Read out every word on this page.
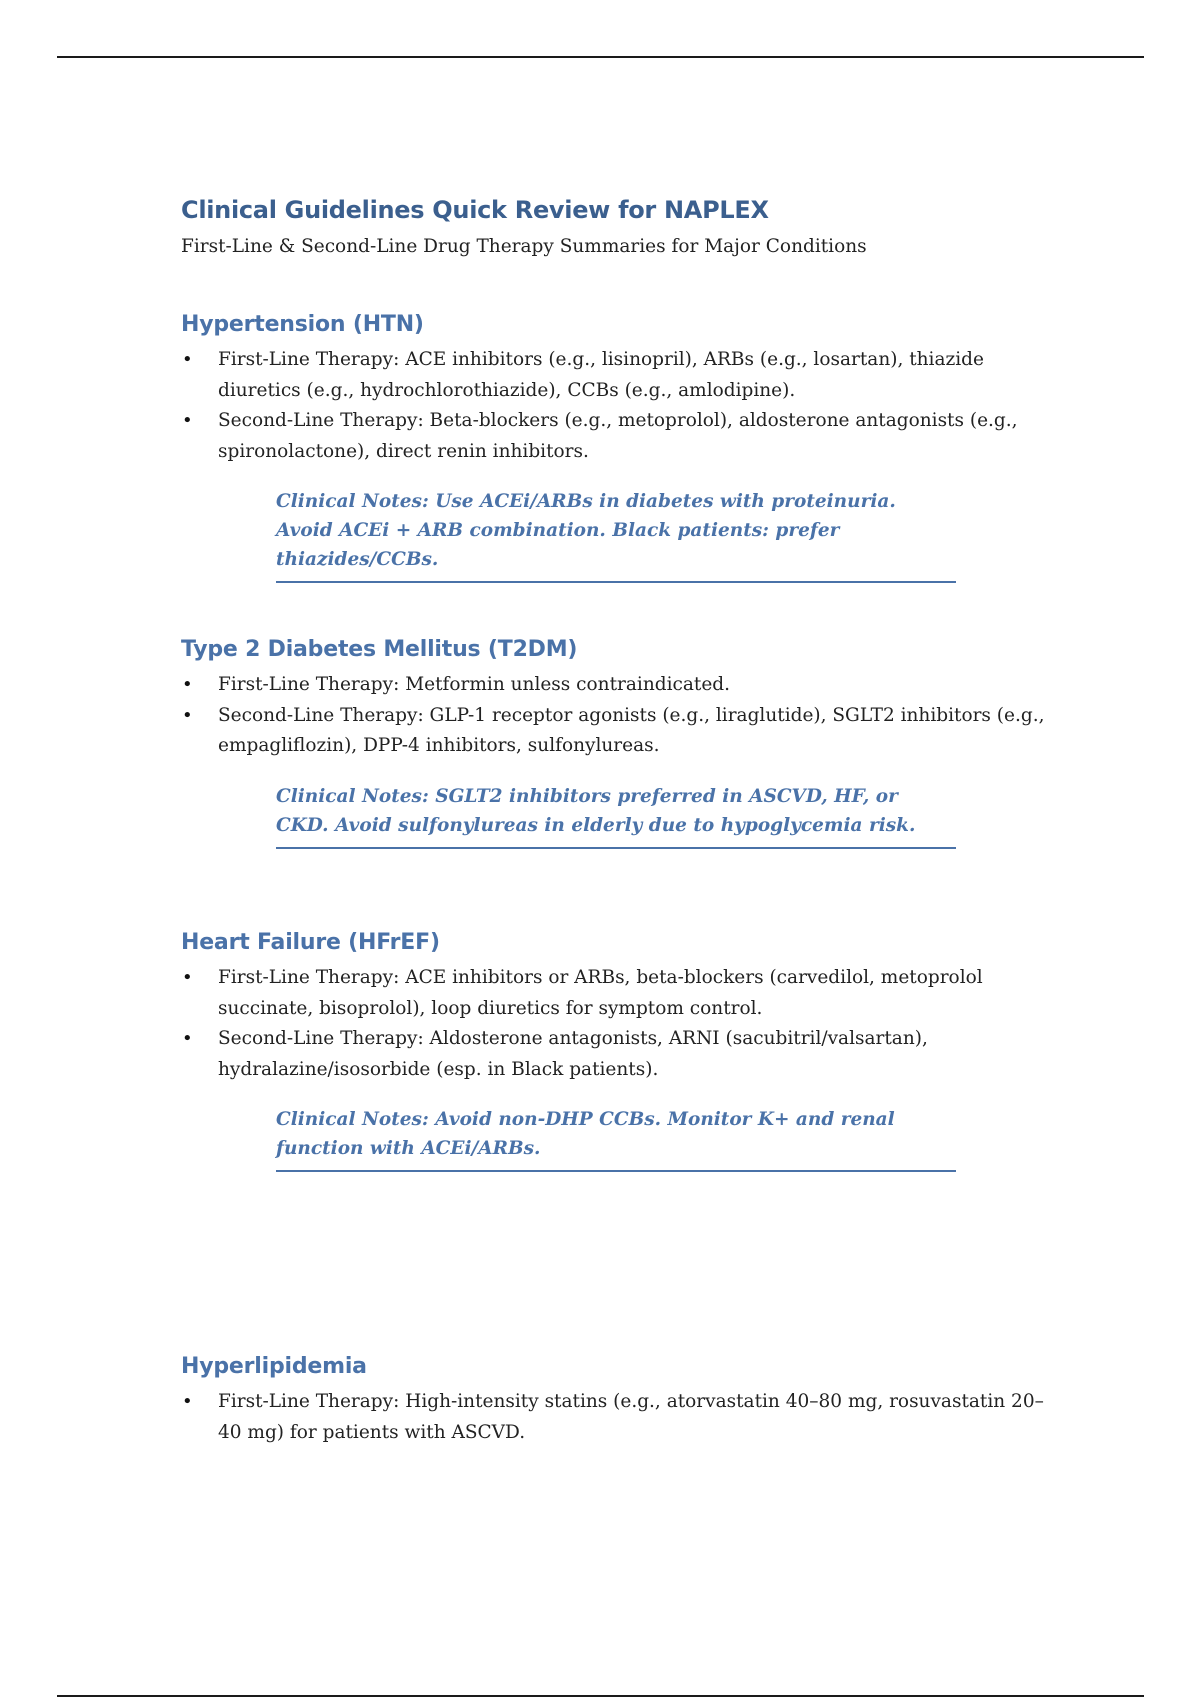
Clinical Guidelines Quick Review for NAPLEX
First-Line & Second-Line Drug Therapy Summaries for Major Conditions
Hypertension (HTN)
• First-Line Therapy: ACE inhibitors (e.g., lisinopril), ARBs (e.g., losartan), thiazide diuretics (e.g., hydrochlorothiazide), CCBs (e.g., amlodipine).
• Second-Line Therapy: Beta-blockers (e.g., metoprolol), aldosterone antagonists (e.g., spironolactone), direct renin inhibitors.
Clinical Notes: Use ACEi/ARBs in diabetes with proteinuria. Avoid ACEi + ARB combination. Black patients: prefer thiazides/CCBs.
Type 2 Diabetes Mellitus (T2DM)
• First-Line Therapy: Metformin unless contraindicated.
• Second-Line Therapy: GLP-1 receptor agonists (e.g., liraglutide), SGLT2 inhibitors (e.g., empagliflozin), DPP-4 inhibitors, sulfonylureas.
Clinical Notes: SGLT2 inhibitors preferred in ASCVD, HF, or CKD. Avoid sulfonylureas in elderly due to hypoglycemia risk.
Heart Failure (HFrEF)
• First-Line Therapy: ACE inhibitors or ARBs, beta-blockers (carvedilol, metoprolol succinate, bisoprolol), loop diuretics for symptom control.
• Second-Line Therapy: Aldosterone antagonists, ARNI (sacubitril/valsartan), hydralazine/isosorbide (esp. in Black patients).
Clinical Notes: Avoid non-DHP CCBs. Monitor K+ and renal function with ACEi/ARBs.
Hyperlipidemia
• First-Line Therapy: High-intensity statins (e.g., atorvastatin 40–80 mg, rosuvastatin 20–40 mg) for patients with ASCVD.
